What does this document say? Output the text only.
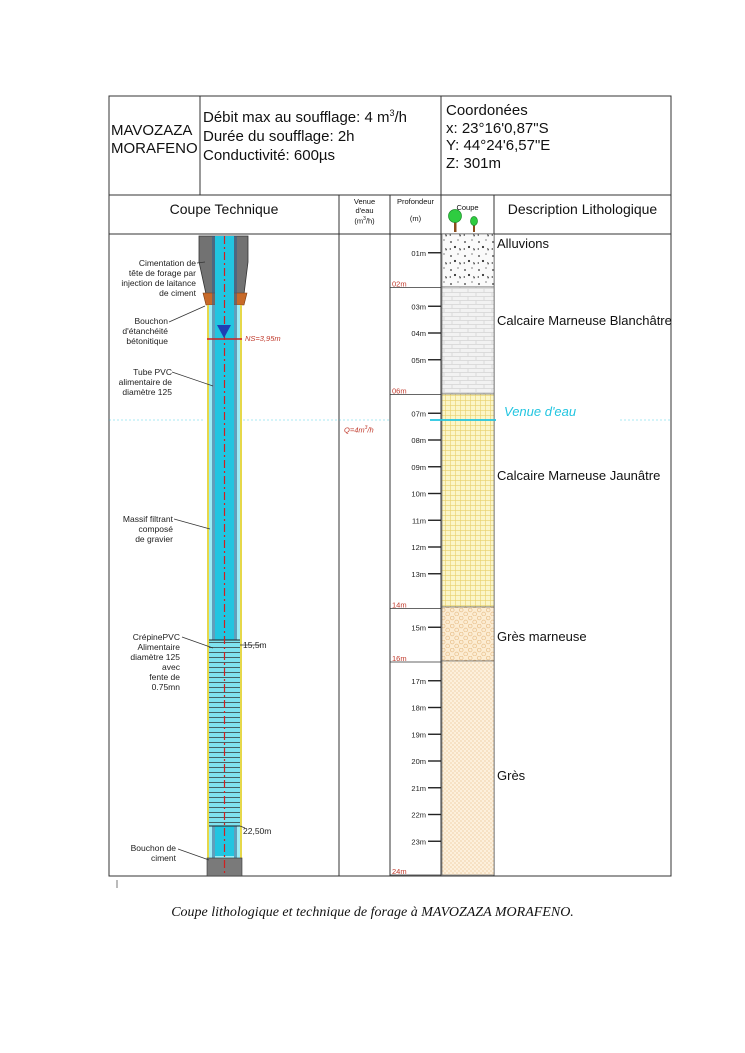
01m
03m
04m
05m
07m
08m
09m
10m
11m
12m
13m
15m
17m
18m
19m
20m
21m
22m
23m
02m
06m
14m
16m
24m
MAVOZAZA
MORAFENO
Débit max au soufflage: 4 $m^3/h$
Durée du soufflage: 2h
Conductivité: 600µs
Coordonées
x: 23°16'0,87"S
Y: 44°24'6,57"E
Z: 301m
Coupe Technique	Venue
d'eau
$(m^3/h)$
Profondeur
(m)
Coupe	Description Lithologique
Cimentation de
tête de forage par
injection de laitance
de ciment
Bouchon
d'étanchéité
bétonitique
Tube PVC
alimentaire de
diamètre 125
Massif filtrant
composé
de gravier
CrépinePVC
Alimentaire
diamètre 125
avec
fente de
0.75mn
Bouchon de
ciment
NS=3,95m
15,5m
22,50m
$Q=4m^3/h$
Venue d'eau
Alluvions
Calcaire Marneuse Blanchâtre
Calcaire Marneuse Jaunâtre
Grès marneuse
Grès
Coupe lithologique et technique de forage à MAVOZAZA MORAFENO.
